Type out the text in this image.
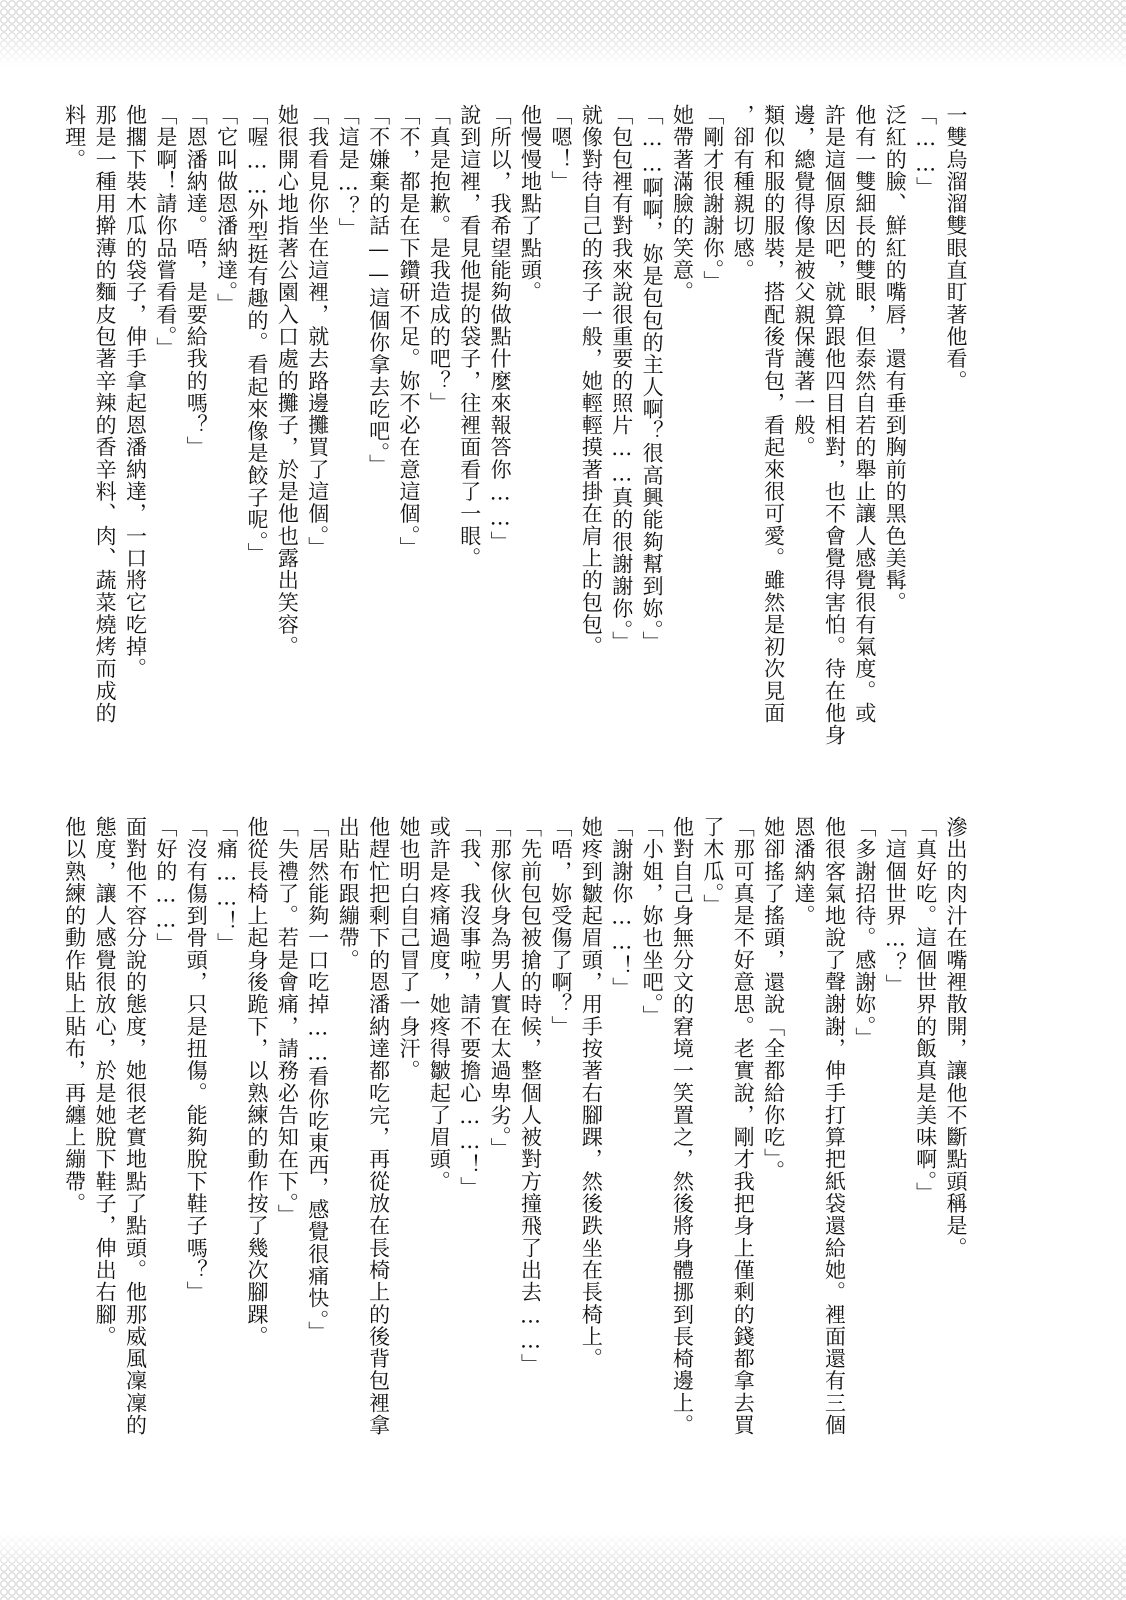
一雙烏溜溜雙眼直盯著他看。
「……」
泛紅的臉、鮮紅的嘴唇，還有垂到胸前的黑色美髯。
他有一雙細長的雙眼，但泰然自若的舉止讓人感覺很有氣度。或
許是這個原因吧，就算跟他四目相對，也不會覺得害怕。待在他身
邊，總覺得像是被父親保護著一般。
類似和服的服裝，搭配後背包，看起來很可愛。雖然是初次見面
，卻有種親切感。
「剛才很謝謝你。」
她帶著滿臉的笑意。
「……啊啊，妳是包包的主人啊？很高興能夠幫到妳。」
「包包裡有對我來說很重要的照片……真的很謝謝你。」
就像對待自己的孩子一般，她輕輕摸著掛在肩上的包包。
「嗯！」
他慢慢地點了點頭。
「所以，我希望能夠做點什麼來報答你……」
說到這裡，看見他提的袋子，往裡面看了一眼。
「真是抱歉。是我造成的吧？」
「不，都是在下鑽研不足。妳不必在意這個。」
「不嫌棄的話——這個你拿去吃吧。」
「這是…？」
「我看見你坐在這裡，就去路邊攤買了這個。」
她很開心地指著公園入口處的攤子，於是他也露出笑容。
「喔……外型挺有趣的。看起來像是餃子呢。」
「它叫做恩潘納達。」
「恩潘納達。唔，是要給我的嗎？」
「是啊！請你品嘗看看。」
他擱下裝木瓜的袋子，伸手拿起恩潘納達，一口將它吃掉。
那是一種用擀薄的麵皮包著辛辣的香辛料、肉、蔬菜燒烤而成的
料理。
滲出的肉汁在嘴裡散開，讓他不斷點頭稱是。
「真好吃。這個世界的飯真是美味啊。」
「這個世界…？」
「多謝招待。感謝妳。」
他很客氣地說了聲謝謝，伸手打算把紙袋還給她。裡面還有三個
恩潘納達。
她卻搖了搖頭，還說「全都給你吃」。
「那可真是不好意思。老實說，剛才我把身上僅剩的錢都拿去買
了木瓜。」
他對自己身無分文的窘境一笑置之，然後將身體挪到長椅邊上。
「小姐，妳也坐吧。」
「謝謝你……！」
她疼到皺起眉頭，用手按著右腳踝，然後跌坐在長椅上。
「唔，妳受傷了啊？」
「先前包包被搶的時候，整個人被對方撞飛了出去……」
「那傢伙身為男人實在太過卑劣。」
「我、我沒事啦，請不要擔心……！」
或許是疼痛過度，她疼得皺起了眉頭。
她也明白自己冒了一身汗。
他趕忙把剩下的恩潘納達都吃完，再從放在長椅上的後背包裡拿
出貼布跟繃帶。
「居然能夠一口吃掉……看你吃東西，感覺很痛快。」
「失禮了。若是會痛，請務必告知在下。」
他從長椅上起身後跪下，以熟練的動作按了幾次腳踝。
「痛……！」
「沒有傷到骨頭，只是扭傷。能夠脫下鞋子嗎？」
「好的……」
面對他不容分說的態度，她很老實地點了點頭。他那威風凜凜的
態度，讓人感覺很放心，於是她脫下鞋子，伸出右腳。
他以熟練的動作貼上貼布，再纏上繃帶。
